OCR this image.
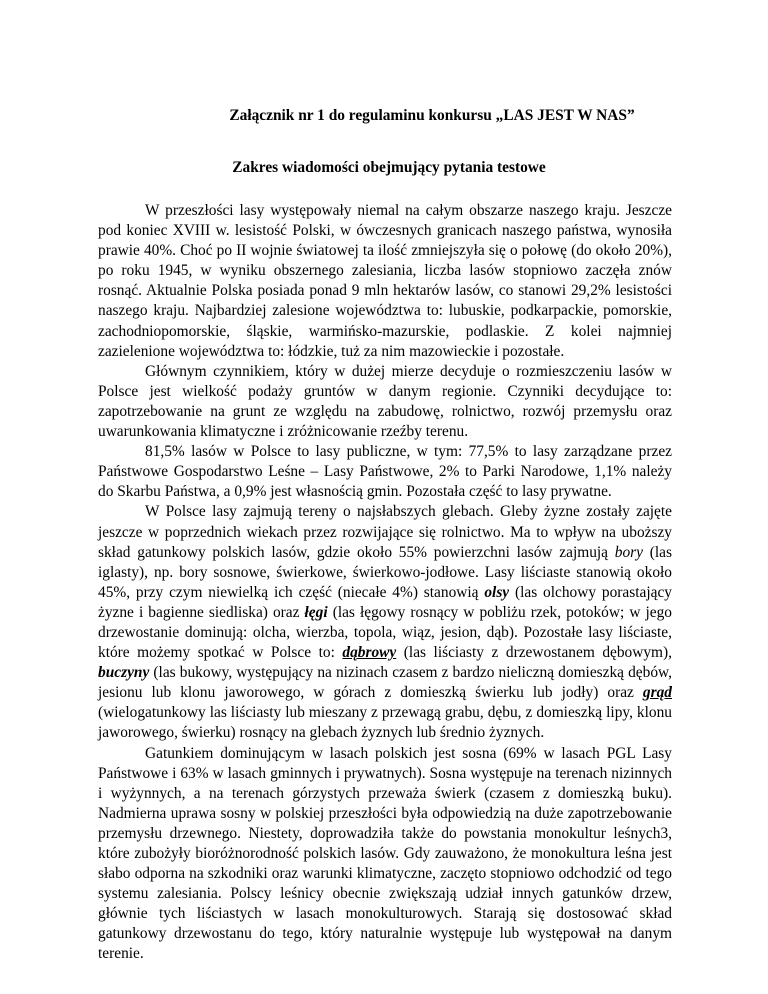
Załącznik nr 1 do regulaminu konkursu „LAS JEST W NAS”
Zakres wiadomości obejmujący pytania testowe

W przeszłości lasy występowały niemal na całym obszarze naszego kraju. Jeszcze pod koniec XVIII w. lesistość Polski, w ówczesnych granicach naszego państwa, wynosiła prawie 40%. Choć po II wojnie światowej ta ilość zmniejszyła się o połowę (do około 20%), po roku 1945, w wyniku obszernego zalesiania, liczba lasów stopniowo zaczęła znów rosnąć. Aktualnie Polska posiada ponad 9 mln hektarów lasów, co stanowi 29,2% lesistości naszego kraju. Najbardziej zalesione województwa to: lubuskie, podkarpackie, pomorskie, zachodniopomorskie, śląskie, warmińsko-mazurskie, podlaskie. Z kolei najmniej zazielenione województwa to: łódzkie, tuż za nim mazowieckie i pozostałe.

Głównym czynnikiem, który w dużej mierze decyduje o rozmieszczeniu lasów w Polsce jest wielkość podaży gruntów w danym regionie. Czynniki decydujące to: zapotrzebowanie na grunt ze względu na zabudowę, rolnictwo, rozwój przemysłu oraz uwarunkowania klimatyczne i zróżnicowanie rzeźby terenu.

81,5% lasów w Polsce to lasy publiczne, w tym: 77,5% to lasy zarządzane przez Państwowe Gospodarstwo Leśne – Lasy Państwowe, 2% to Parki Narodowe, 1,1% należy do Skarbu Państwa, a 0,9% jest własnością gmin. Pozostała część to lasy prywatne.

W Polsce lasy zajmują tereny o najsłabszych glebach. Gleby żyzne zostały zajęte jeszcze w poprzednich wiekach przez rozwijające się rolnictwo. Ma to wpływ na uboższy skład gatunkowy polskich lasów, gdzie około 55% powierzchni lasów zajmują bory (las iglasty), np. bory sosnowe, świerkowe, świerkowo-jodłowe. Lasy liściaste stanowią około 45%, przy czym niewielką ich część (niecałe 4%) stanowią olsy (las olchowy porastający żyzne i bagienne siedliska) oraz łęgi (las łęgowy rosnący w pobliżu rzek, potoków; w jego drzewostanie dominują: olcha, wierzba, topola, wiąz, jesion, dąb). Pozostałe lasy liściaste, które możemy spotkać w Polsce to: dąbrowy (las liściasty z drzewostanem dębowym), buczyny (las bukowy, występujący na nizinach czasem z bardzo nieliczną domieszką dębów, jesionu lub klonu jaworowego, w górach z domieszką świerku lub jodły) oraz grąd (wielogatunkowy las liściasty lub mieszany z przewagą grabu, dębu, z domieszką lipy, klonu jaworowego, świerku) rosnący na glebach żyznych lub średnio żyznych.

Gatunkiem dominującym w lasach polskich jest sosna (69% w lasach PGL Lasy Państwowe i 63% w lasach gminnych i prywatnych). Sosna występuje na terenach nizinnych i wyżynnych, a na terenach górzystych przeważa świerk (czasem z domieszką buku). Nadmierna uprawa sosny w polskiej przeszłości była odpowiedzią na duże zapotrzebowanie przemysłu drzewnego. Niestety, doprowadziła także do powstania monokultur leśnych3, które zubożyły bioróżnorodność polskich lasów. Gdy zauważono, że monokultura leśna jest słabo odporna na szkodniki oraz warunki klimatyczne, zaczęto stopniowo odchodzić od tego systemu zalesiania. Polscy leśnicy obecnie zwiększają udział innych gatunków drzew, głównie tych liściastych w lasach monokulturowych. Starają się dostosować skład gatunkowy drzewostanu do tego, który naturalnie występuje lub występował na danym terenie.
